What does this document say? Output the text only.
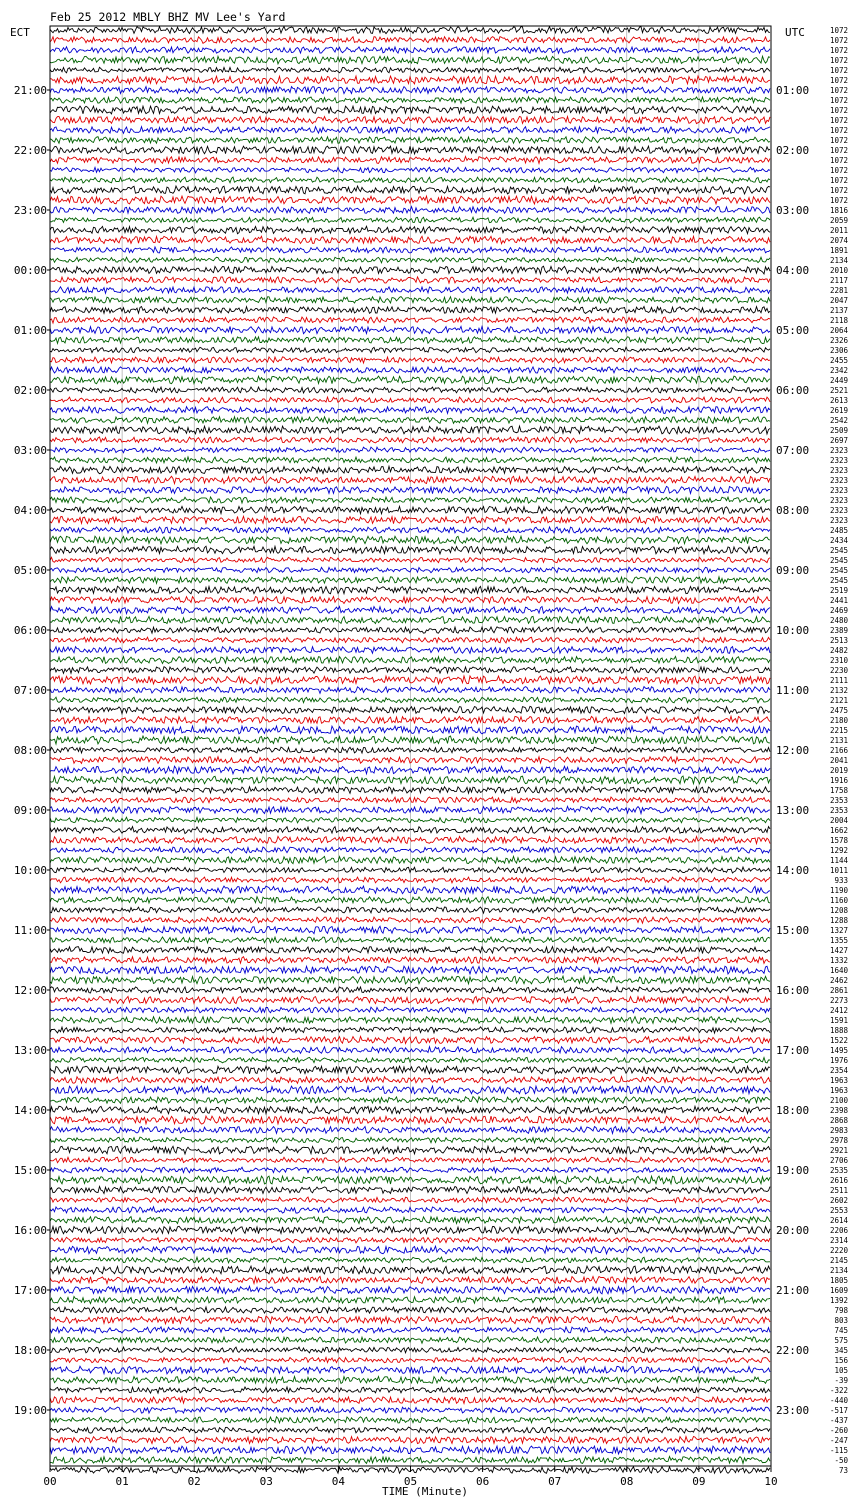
Feb 25 2012 MBLY BHZ MV Lee's Yard
ECT	UTC
21:00
22:00
23:00
00:00
01:00
02:00
03:00
04:00
05:00
06:00
07:00
08:00
09:00
10:00
11:00
12:00
13:00
14:00
15:00
16:00
17:00
18:00
19:00
01:00
02:00
03:00
04:00
05:00
06:00
07:00
08:00
09:00
10:00
11:00
12:00
13:00
14:00
15:00
16:00
17:00
18:00
19:00
20:00
21:00
22:00
23:00
1072
1072
1072
1072
1072
1072
1072
1072
1072
1072
1072
1072
1072
1072
1072
1072
1072
1072
1816
2059
2011
2074
1891
2134
2010
2117
2281
2047
2137
2118
2064
2326
2306
2455
2342
2449
2521
2613
2619
2542
2509
2697
2323
2323
2323
2323
2323
2323
2323
2323
2485
2434
2545
2545
2545
2545
2519
2441
2469
2480
2389
2513
2482
2310
2230
2111
2132
2121
2475
2180
2215
2131
2166
2041
2019
1916
1758
2353
2353
2004
1662
1578
1292
1144
1011
933
1190
1160
1208
1288
1327
1355
1427
1332
1640
2462
2861
2273
2412
1591
1888
1522
1495
1976
2354
1963
1963
2100
2398
2868
2983
2978
2921
2706
2535
2616
2511
2602
2553
2614
2206
2314
2220
2145
2134
1805
1609
1392
798
803
745
575
345
156
105
-39
-322
-440
-517
-437
-260
-247
-115
-50
73
00	01	02	03	04	05	06	07	08	09	10
TIME (Minute)
